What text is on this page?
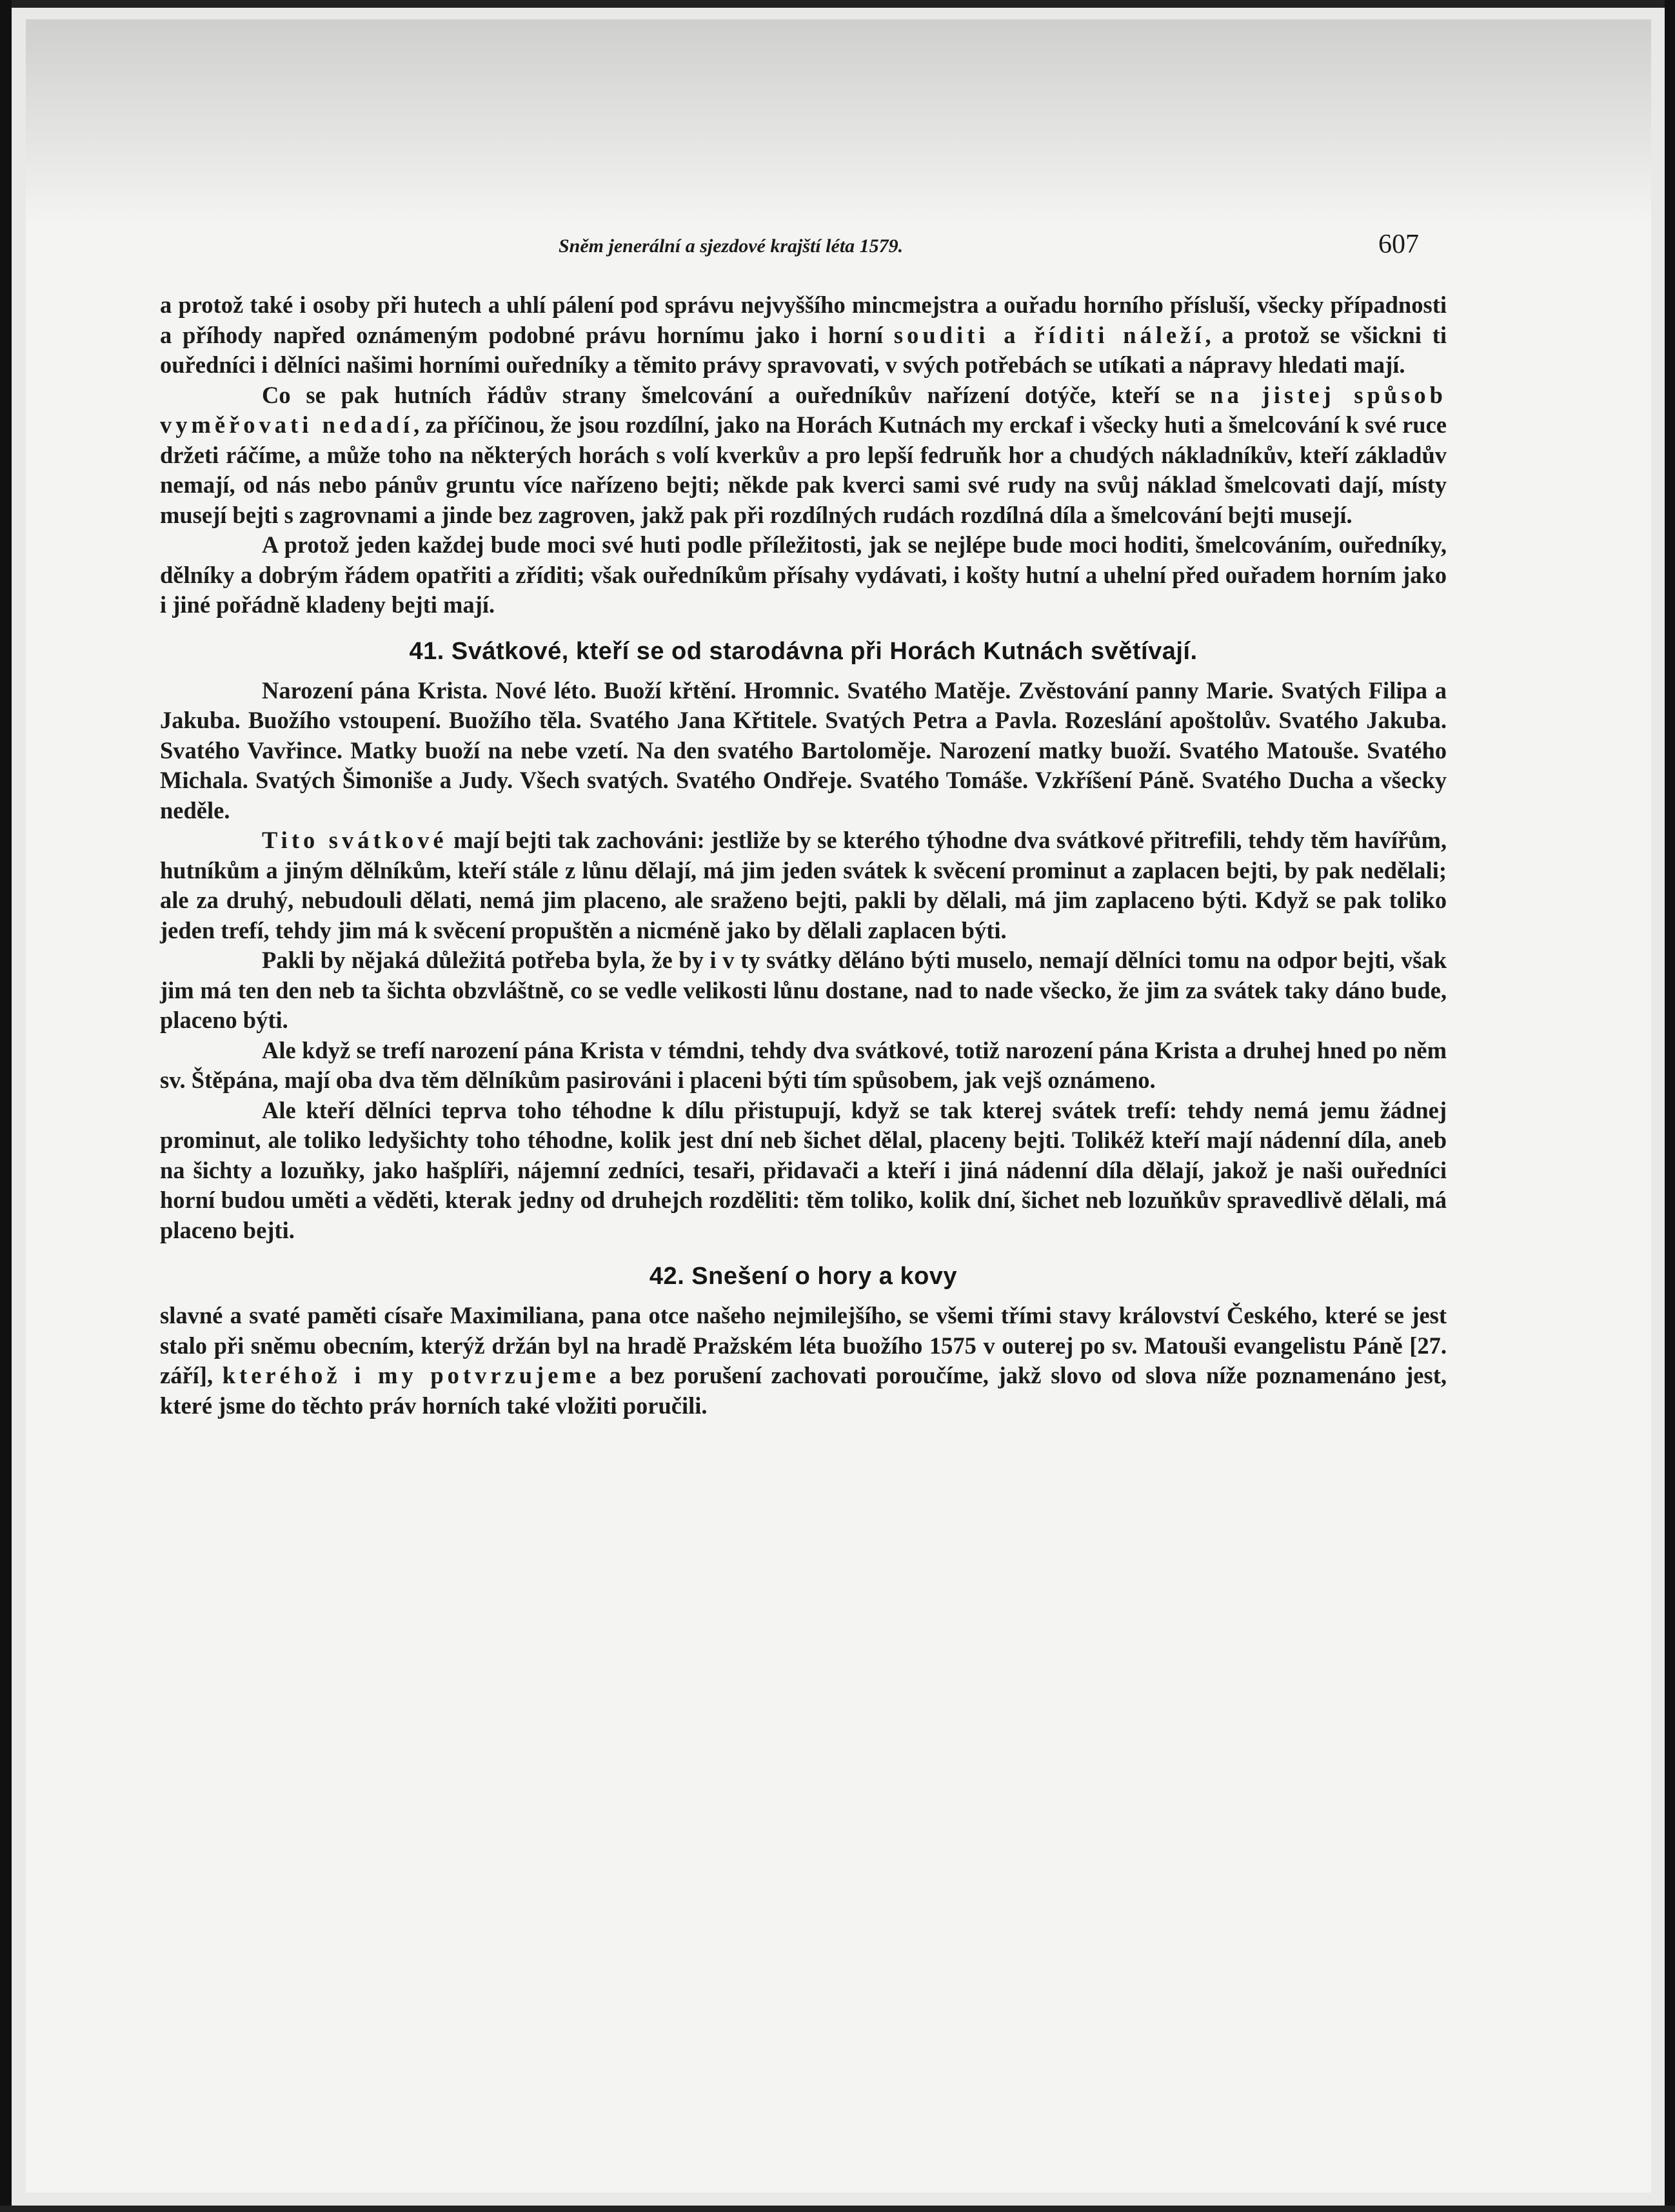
Sněm jenerální a sjezdové krajští léta 1579.	607

a protož také i osoby při hutech a uhlí pálení pod správu nejvyššího mincmejstra a ouřadu horního přísluší, všecky případnosti a příhody napřed oznámeným podobné právu hornímu jako i horní souditi a říditi náleží, a protož se všickni ti ouředníci i dělníci našimi horními ouředníky a těmito právy spravovati, v svých potřebách se utíkati a nápravy hledati mají.

Co se pak hutních řádův strany šmelcování a ouředníkův nařízení dotýče, kteří se na jistej spůsob vyměřovati nedadí, za příčinou, že jsou rozdílní, jako na Horách Kutnách my erckaf i všecky huti a šmelcování k své ruce držeti ráčíme, a může toho na některých horách s volí kverkův a pro lepší fedruňk hor a chudých nákladníkův, kteří základův nemají, od nás nebo pánův gruntu více nařízeno bejti; někde pak kverci sami své rudy na svůj náklad šmelcovati dají, místy musejí bejti s zagrovnami a jinde bez zagroven, jakž pak při rozdílných rudách rozdílná díla a šmelcování bejti musejí.

A protož jeden každej bude moci své huti podle příležitosti, jak se nejlépe bude moci hoditi, šmelcováním, ouředníky, dělníky a dobrým řádem opatřiti a zříditi; však ouředníkům přísahy vydávati, i košty hutní a uhelní před ouřadem horním jako i jiné pořádně kladeny bejti mají.

41. Svátkové, kteří se od starodávna při Horách Kutnách světívají.

Narození pána Krista. Nové léto. Buoží křtění. Hromnic. Svatého Matěje. Zvěstování panny Marie. Svatých Filipa a Jakuba. Buožího vstoupení. Buožího těla. Svatého Jana Křtitele. Svatých Petra a Pavla. Rozeslání apoštolův. Svatého Jakuba. Svatého Vavřince. Matky buoží na nebe vzetí. Na den svatého Bartoloměje. Narození matky buoží. Svatého Matouše. Svatého Michala. Svatých Šimoniše a Judy. Všech svatých. Svatého Ondřeje. Svatého Tomáše. Vzkříšení Páně. Svatého Ducha a všecky neděle.

Tito svátkové mají bejti tak zachováni: jestliže by se kterého týhodne dva svátkové přitrefili, tehdy těm havířům, hutníkům a jiným dělníkům, kteří stále z lůnu dělají, má jim jeden svátek k svěcení prominut a zaplacen bejti, by pak nedělali; ale za druhý, nebudouli dělati, nemá jim placeno, ale sraženo bejti, pakli by dělali, má jim zaplaceno býti. Když se pak toliko jeden trefí, tehdy jim má k svěcení propuštěn a nicméně jako by dělali zaplacen býti.

Pakli by nějaká důležitá potřeba byla, že by i v ty svátky děláno býti muselo, nemají dělníci tomu na odpor bejti, však jim má ten den neb ta šichta obzvláštně, co se vedle velikosti lůnu dostane, nad to nade všecko, že jim za svátek taky dáno bude, placeno býti.

Ale když se trefí narození pána Krista v témdni, tehdy dva svátkové, totiž narození pána Krista a druhej hned po něm sv. Štěpána, mají oba dva těm dělníkům pasirováni i placeni býti tím spůsobem, jak vejš oznámeno.

Ale kteří dělníci teprva toho téhodne k dílu přistupují, když se tak kterej svátek trefí: tehdy nemá jemu žádnej prominut, ale toliko ledyšichty toho téhodne, kolik jest dní neb šichet dělal, placeny bejti. Tolikéž kteří mají nádenní díla, aneb na šichty a lozuňky, jako hašplíři, nájemní zedníci, tesaři, přidavači a kteří i jiná nádenní díla dělají, jakož je naši ouředníci horní budou uměti a věděti, kterak jedny od druhejch rozděliti: těm toliko, kolik dní, šichet neb lozuňkův spravedlivě dělali, má placeno bejti.

42. Snešení o hory a kovy

slavné a svaté paměti císaře Maximiliana, pana otce našeho nejmilejšího, se všemi třími stavy království Českého, které se jest stalo při sněmu obecním, kterýž držán byl na hradě Pražském léta buožího 1575 v outerej po sv. Matouši evangelistu Páně [27. září], kteréhož i my potvrzujeme a bez porušení zachovati poroučíme, jakž slovo od slova níže poznamenáno jest, které jsme do těchto práv horních také vložiti poručili.
